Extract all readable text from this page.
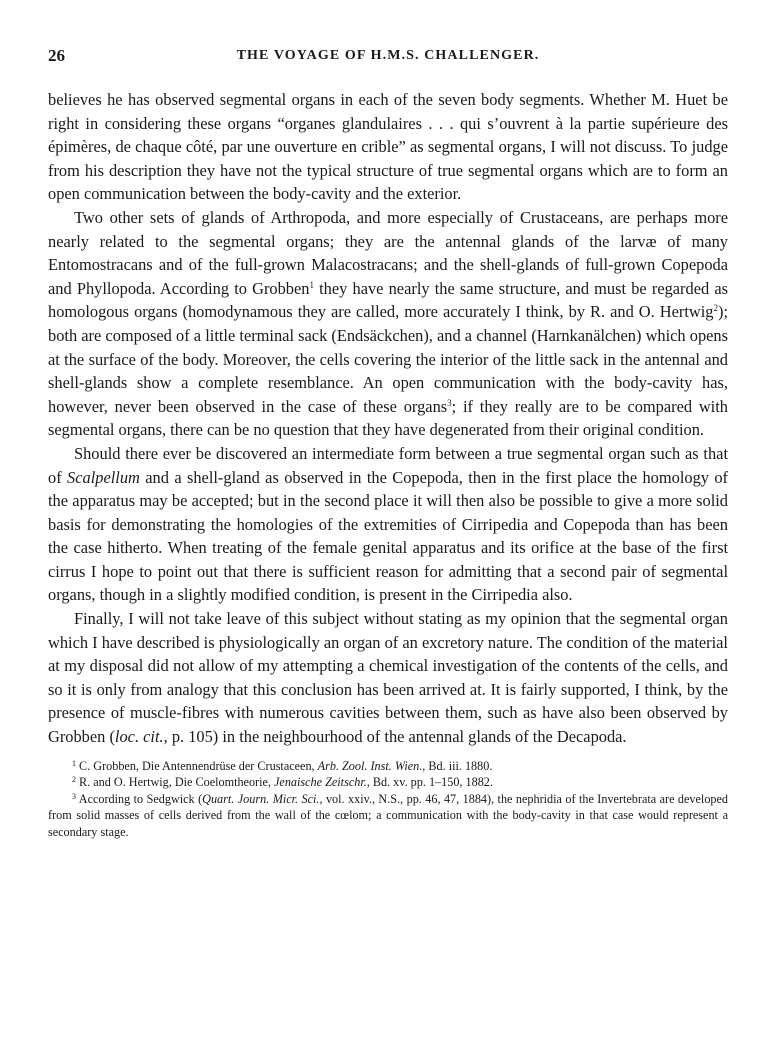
26	THE VOYAGE OF H.M.S. CHALLENGER.

believes he has observed segmental organs in each of the seven body segments. Whether M. Huet be right in considering these organs “organes glandulaires . . . qui s’ouvrent à la partie supérieure des épimères, de chaque côté, par une ouverture en crible” as segmental organs, I will not discuss. To judge from his description they have not the typical structure of true segmental organs which are to form an open communication between the body-cavity and the exterior.

Two other sets of glands of Arthropoda, and more especially of Crustaceans, are perhaps more nearly related to the segmental organs; they are the antennal glands of the larvæ of many Entomostracans and of the full-grown Malacostracans; and the shell-glands of full-grown Copepoda and Phyllopoda. According to Grobben$^1$ they have nearly the same structure, and must be regarded as homologous organs (homodynamous they are called, more accurately I think, by R. and O. Hertwig$^2$); both are composed of a little terminal sack (Endsäckchen), and a channel (Harnkanälchen) which opens at the surface of the body. Moreover, the cells covering the interior of the little sack in the antennal and shell-glands show a complete resemblance. An open communication with the body-cavity has, however, never been observed in the case of these organs$^3$; if they really are to be compared with segmental organs, there can be no question that they have degenerated from their original condition.

Should there ever be discovered an intermediate form between a true segmental organ such as that of Scalpellum and a shell-gland as observed in the Copepoda, then in the first place the homology of the apparatus may be accepted; but in the second place it will then also be possible to give a more solid basis for demonstrating the homologies of the extremities of Cirripedia and Copepoda than has been the case hitherto. When treating of the female genital apparatus and its orifice at the base of the first cirrus I hope to point out that there is sufficient reason for admitting that a second pair of segmental organs, though in a slightly modified condition, is present in the Cirripedia also.

Finally, I will not take leave of this subject without stating as my opinion that the segmental organ which I have described is physiologically an organ of an excretory nature. The condition of the material at my disposal did not allow of my attempting a chemical investigation of the contents of the cells, and so it is only from analogy that this conclusion has been arrived at. It is fairly supported, I think, by the presence of muscle-fibres with numerous cavities between them, such as have also been observed by Grobben (loc. cit., p. 105) in the neighbourhood of the antennal glands of the Decapoda.

$^1$ C. Grobben, Die Antennendrüse der Crustaceen, Arb. Zool. Inst. Wien., Bd. iii. 1880.

$^2$ R. and O. Hertwig, Die Coelomtheorie, Jenaische Zeitschr., Bd. xv. pp. 1–150, 1882.

$^3$ According to Sedgwick (Quart. Journ. Micr. Sci., vol. xxiv., N.S., pp. 46, 47, 1884), the nephridia of the Invertebrata are developed from solid masses of cells derived from the wall of the cœlom; a communication with the body-cavity in that case would represent a secondary stage.
